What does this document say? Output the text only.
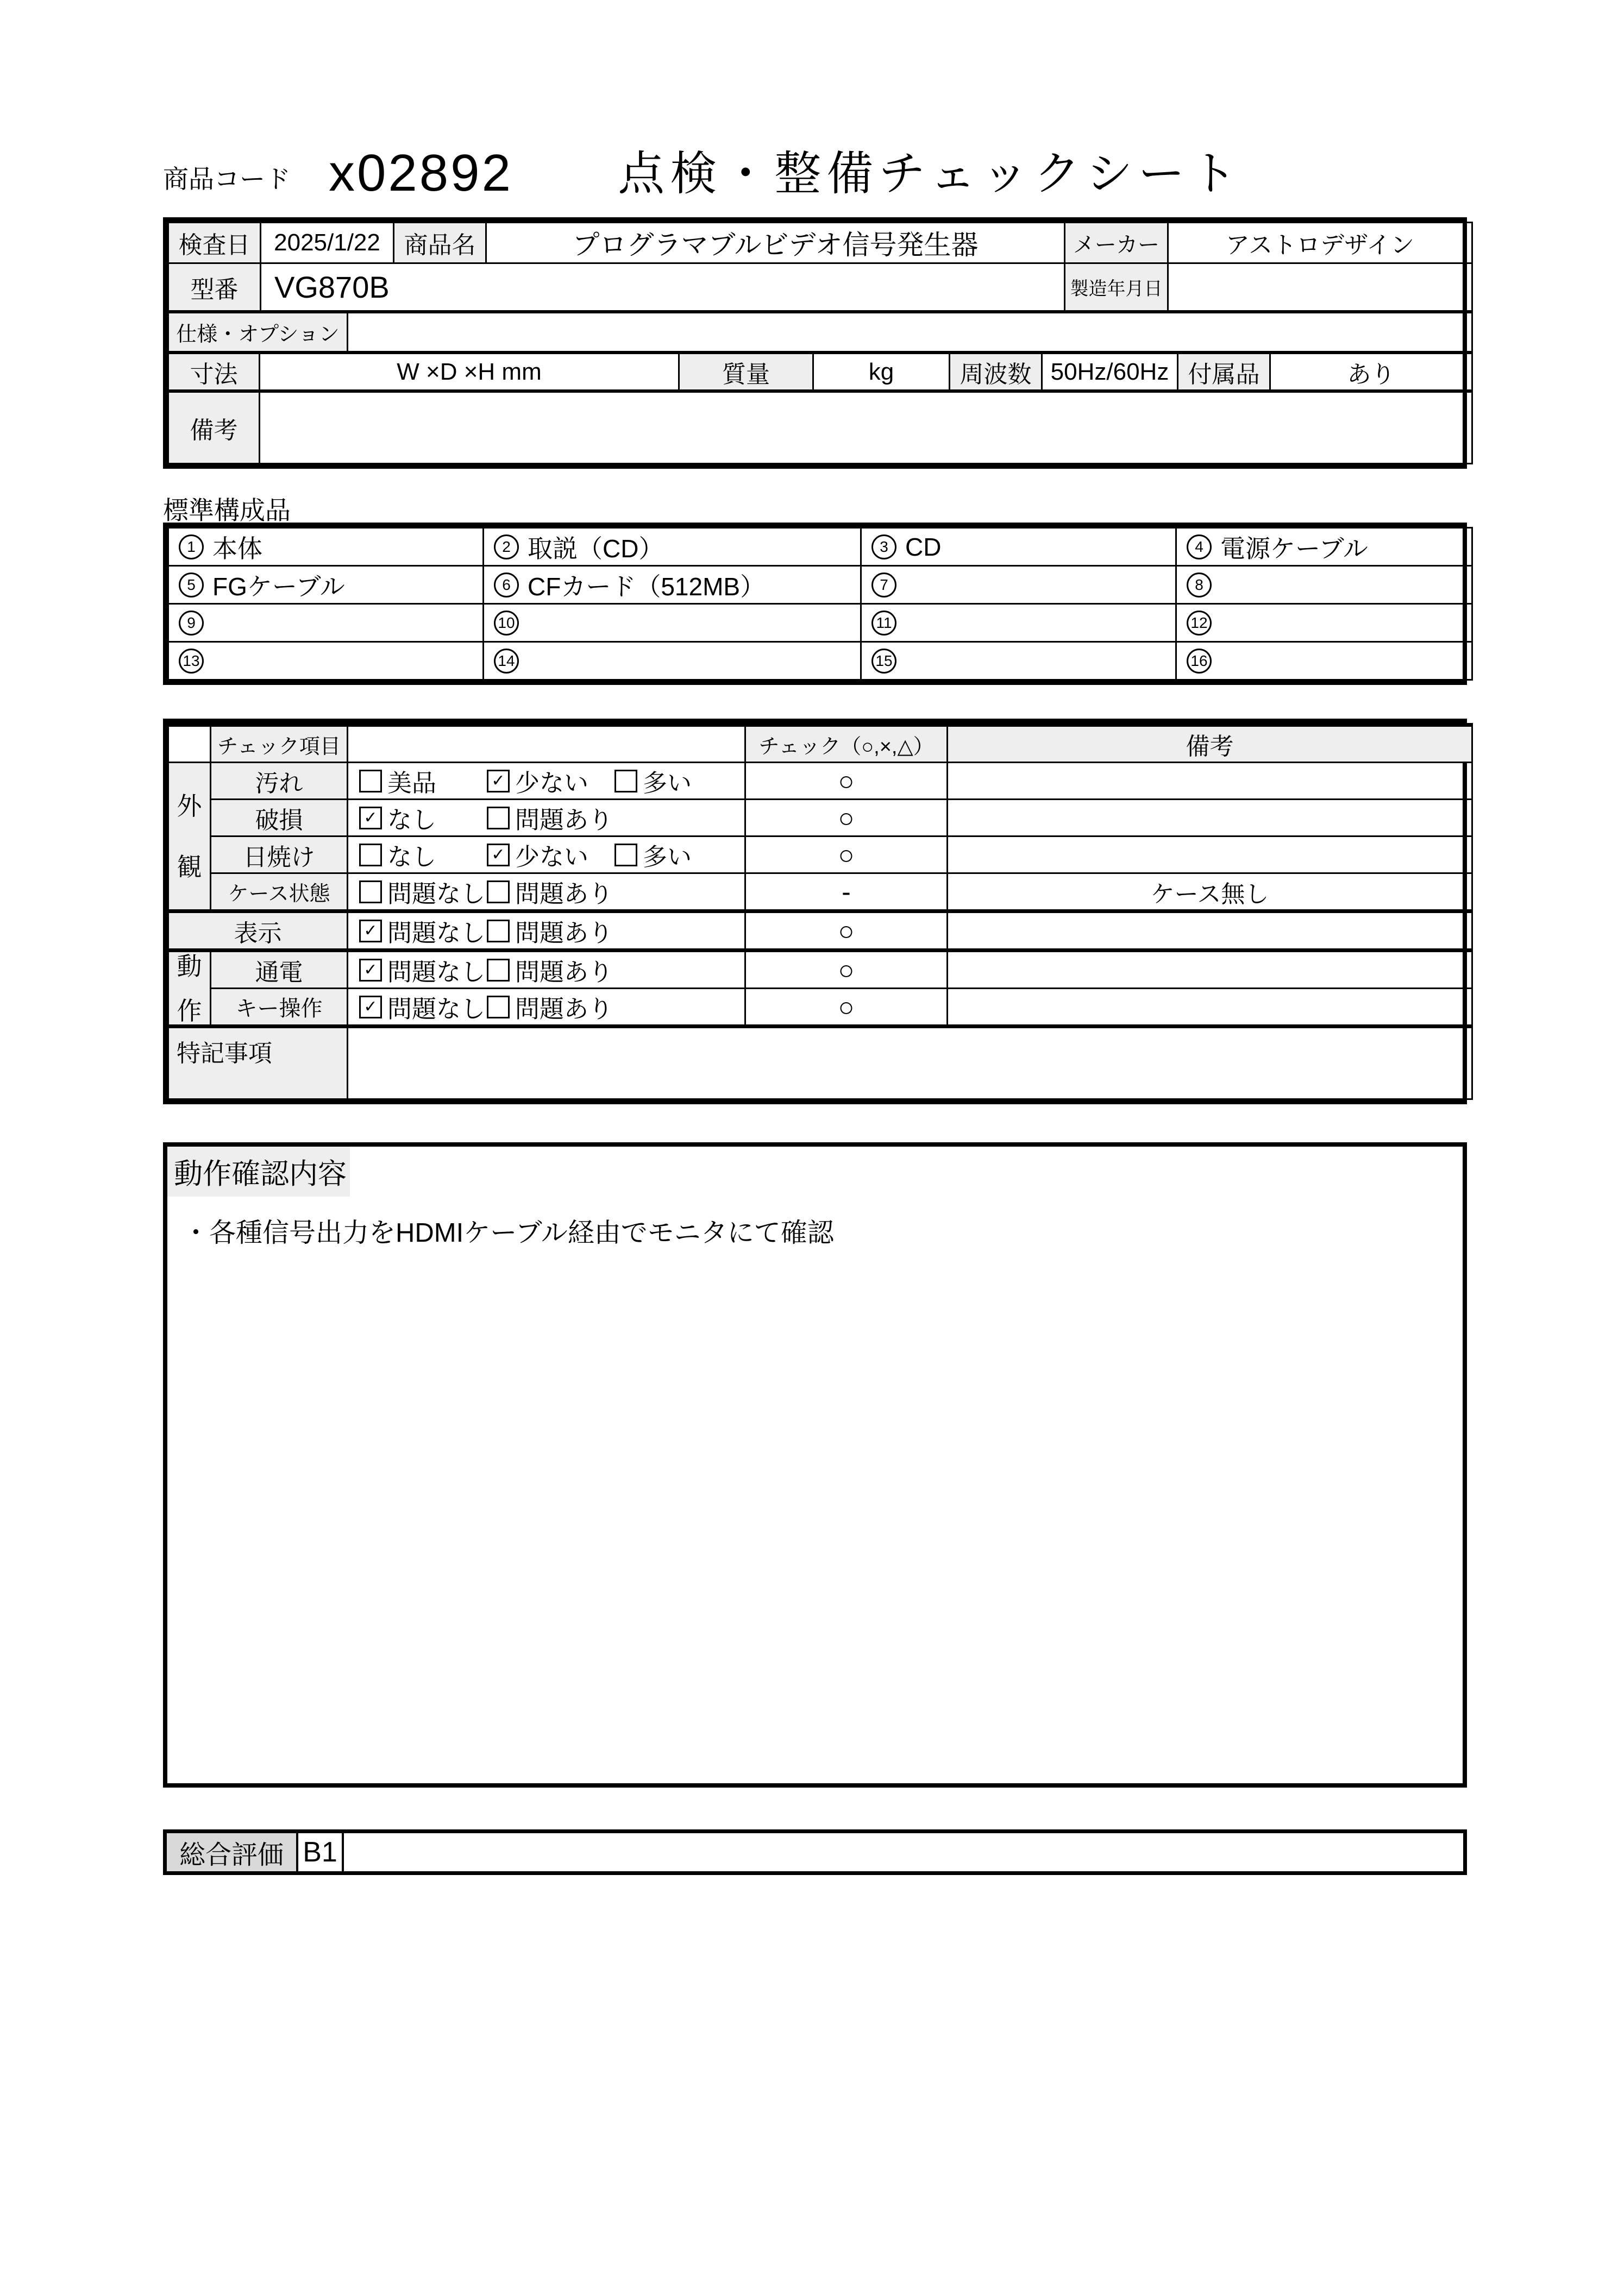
商品コード x02892	点検・整備チェックシート
検査日	2025/1/22	商品名	プログラマブルビデオ信号発生器	メーカー	アストロデザイン
型番	VG870B			製造年月日	
仕様・オプション	
寸法	W ×D ×H mm	質量	kg	周波数	50Hz/60Hz	付属品	あり
備考	
標準構成品
1 本体	2 取説（CD）	3 CD	4 電源ケーブル

5 FGケーブル	6 CFカード（512MB）	7	8

9	10	11	12

13	14	15	16
	チェック項目		チェック（○,×,△）	備考

外
観	汚れ	美品 ✓ 少ない 多い	○	
	破損	✓ なし 問題あり	○	
	日焼け	なし ✓ 少ない 多い	○	
	ケース状態	問題なし 問題あり	-	ケース無し
表示		✓ 問題なし 問題あり	○	

動
作	通電	✓ 問題なし 問題あり	○	
	キー操作	✓ 問題なし 問題あり	○	
特記事項				
動作確認内容
・各種信号出力をHDMIケーブル経由でモニタにて確認
総合評価 B1
